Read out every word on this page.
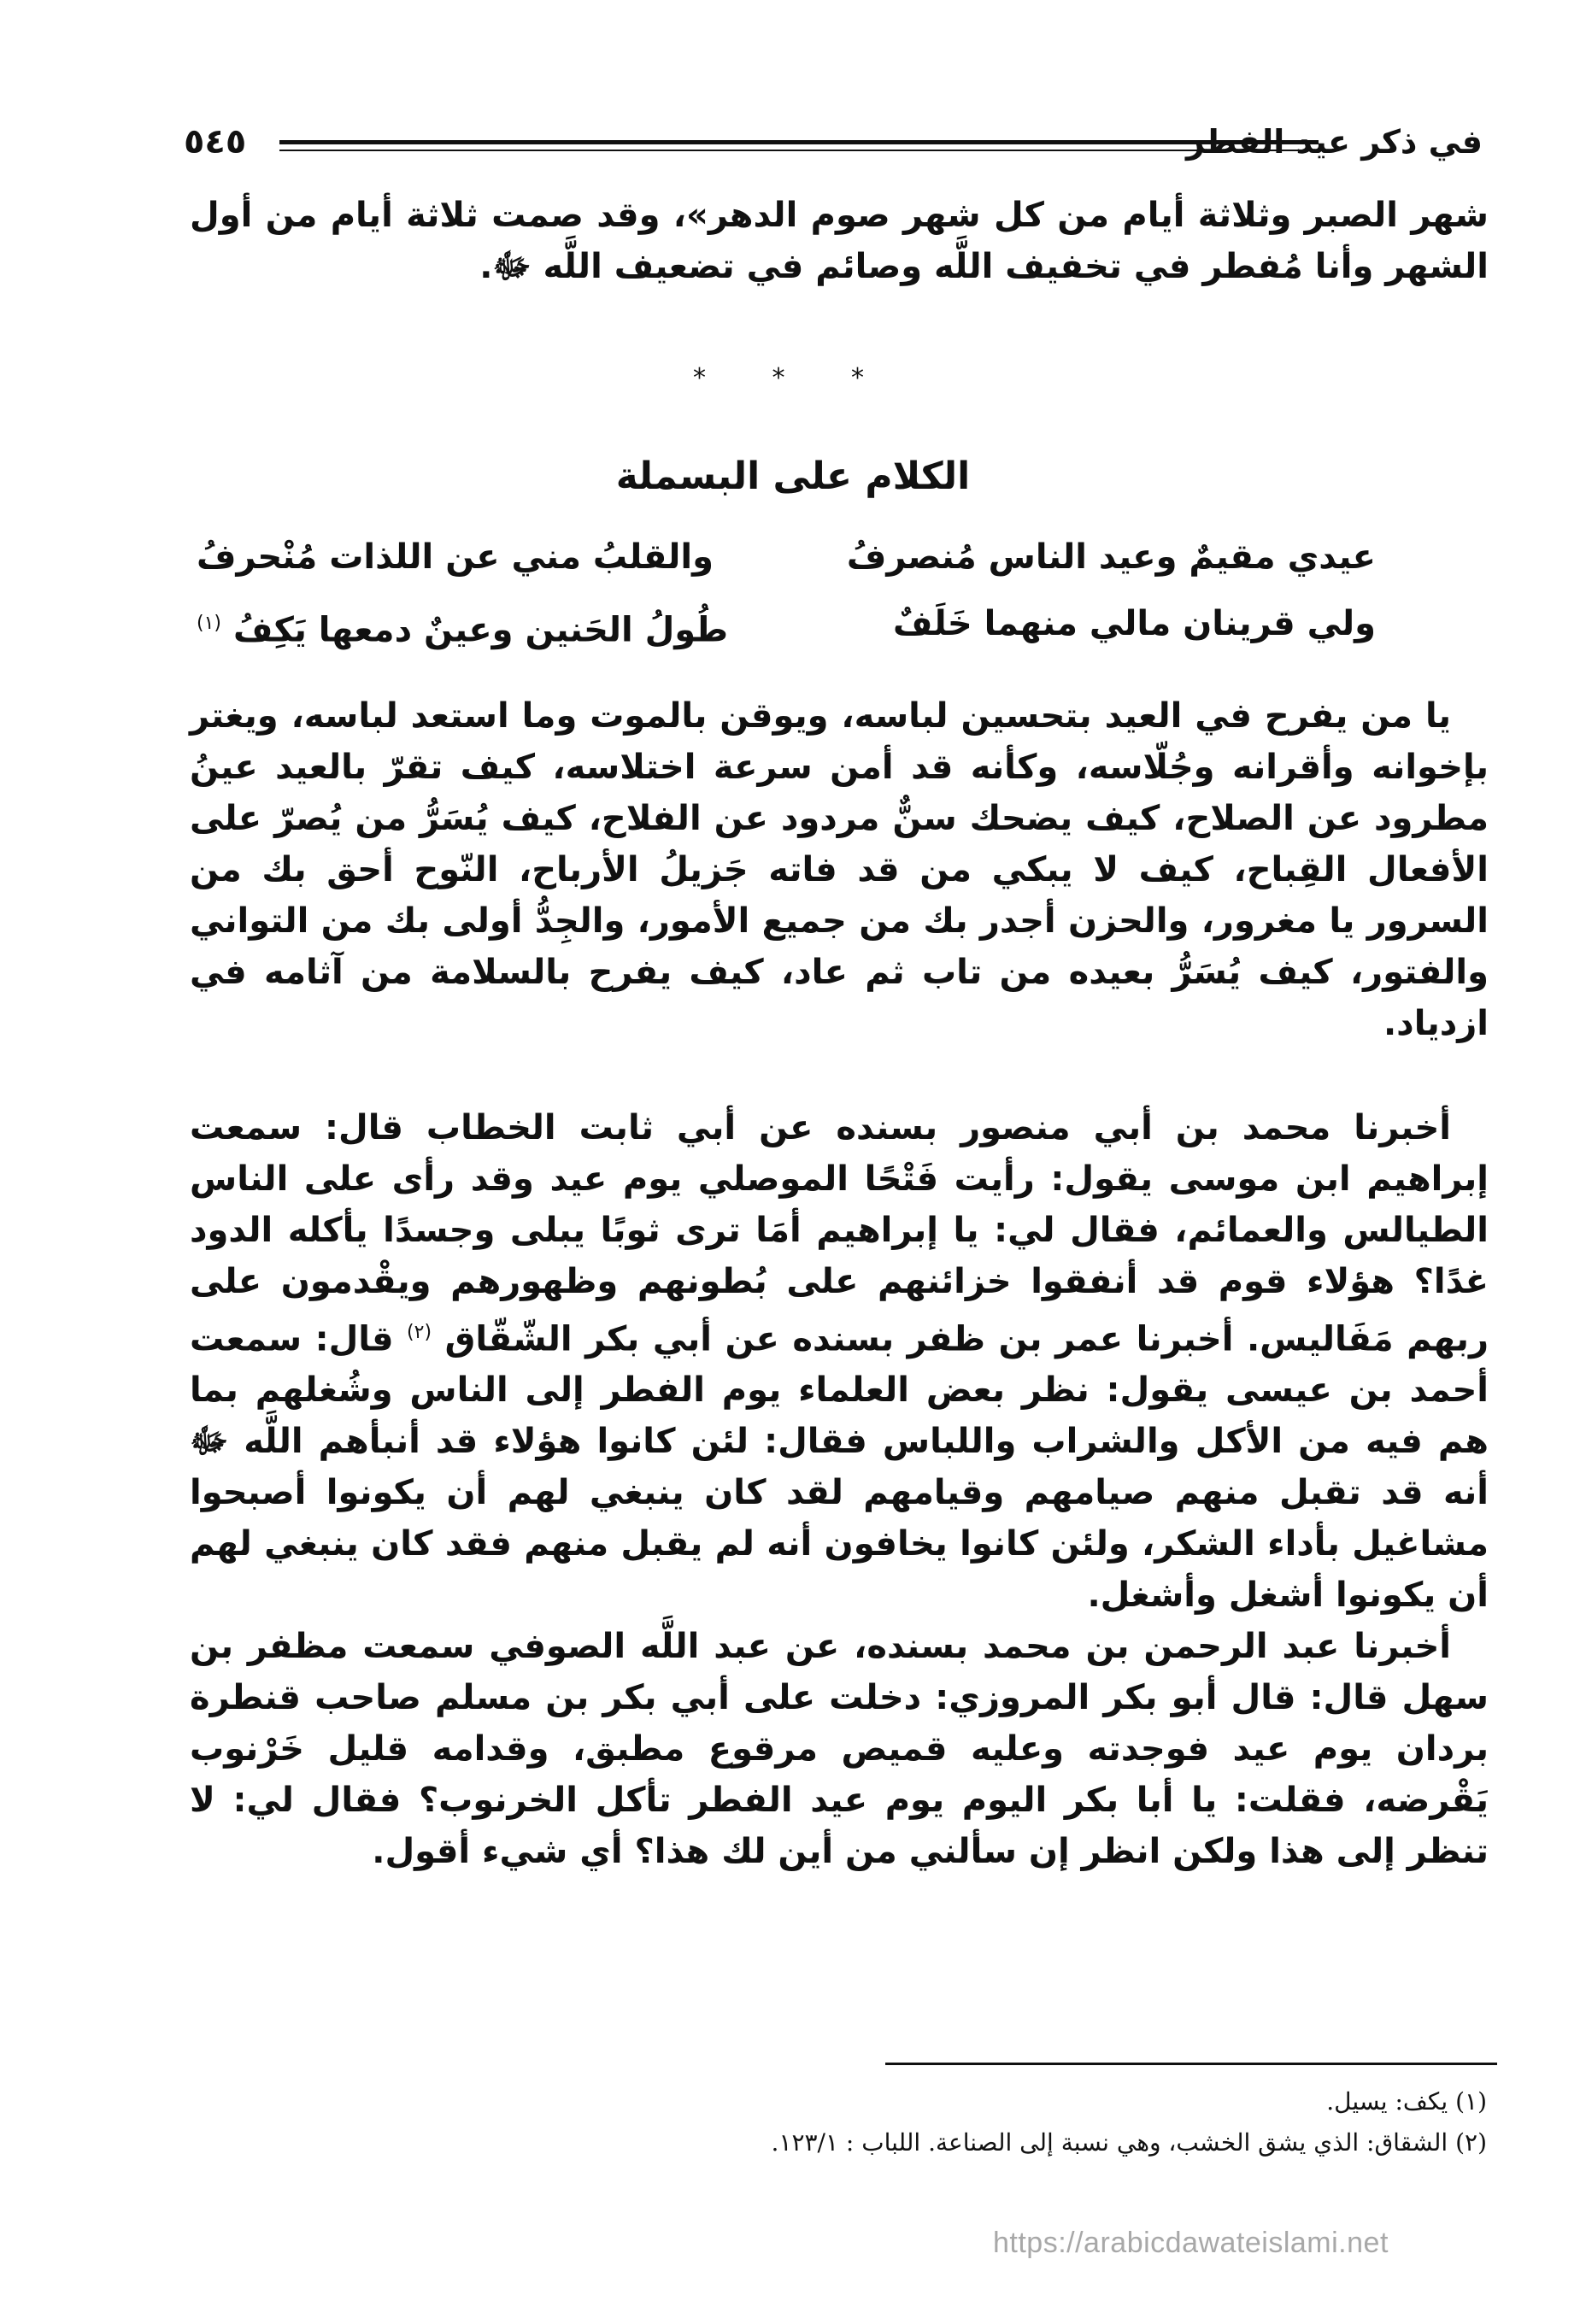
٥٤٥	في ذكر عيد الفطر

شهر الصبر وثلاثة أيام من كل شهر صوم الدهر»، وقد صمت ثلاثة أيام من أول الشهر وأنا مُفطر في تخفيف اللَّه وصائم في تضعيف اللَّه ﷻ.

* * *
الكلام على البسملة
عيدي مقيمٌ وعيد الناس مُنصرفُ
والقلبُ مني عن اللذات مُنْحرفُ
ولي قرينان مالي منهما خَلَفٌ
طُولُ الحَنين وعينٌ دمعها يَكِفُ $^{(١)}$

يا من يفرح في العيد بتحسين لباسه، ويوقن بالموت وما استعد لباسه، ويغتر بإخوانه وأقرانه وجُلّاسه، وكأنه قد أمن سرعة اختلاسه، كيف تقرّ بالعيد عينُ مطرود عن الصلاح، كيف يضحك سنٌّ مردود عن الفلاح، كيف يُسَرُّ من يُصرّ على الأفعال القِباح، كيف لا يبكي من قد فاته جَزيلُ الأرباح، النّوح أحق بك من السرور يا مغرور، والحزن أجدر بك من جميع الأمور، والجِدُّ أولى بك من التواني والفتور، كيف يُسَرُّ بعيده من تاب ثم عاد، كيف يفرح بالسلامة من آثامه في ازدياد.

أخبرنا محمد بن أبي منصور بسنده عن أبي ثابت الخطاب قال: سمعت إبراهيم ابن موسى يقول: رأيت فَتْحًا الموصلي يوم عيد وقد رأى على الناس الطيالس والعمائم، فقال لي: يا إبراهيم أمَا ترى ثوبًا يبلى وجسدًا يأكله الدود غدًا؟ هؤلاء قوم قد أنفقوا خزائنهم على بُطونهم وظهورهم ويقْدمون على ربهم مَفَاليس. أخبرنا عمر بن ظفر بسنده عن أبي بكر الشّقّاق $^{(٢)}$ قال: سمعت أحمد بن عيسى يقول: نظر بعض العلماء يوم الفطر إلى الناس وشُغلهم بما هم فيه من الأكل والشراب واللباس فقال: لئن كانوا هؤلاء قد أنبأهم اللَّه ﷻ أنه قد تقبل منهم صيامهم وقيامهم لقد كان ينبغي لهم أن يكونوا أصبحوا مشاغيل بأداء الشكر، ولئن كانوا يخافون أنه لم يقبل منهم فقد كان ينبغي لهم أن يكونوا أشغل وأشغل.

أخبرنا عبد الرحمن بن محمد بسنده، عن عبد اللَّه الصوفي سمعت مظفر بن سهل قال: قال أبو بكر المروزي: دخلت على أبي بكر بن مسلم صاحب قنطرة بردان يوم عيد فوجدته وعليه قميص مرقوع مطبق، وقدامه قليل خَرْنوب يَقْرضه، فقلت: يا أبا بكر اليوم يوم عيد الفطر تأكل الخرنوب؟ فقال لي: لا تنظر إلى هذا ولكن انظر إن سألني من أين لك هذا؟ أي شيء أقول.

(١) يكف: يسيل.

(٢) الشقاق: الذي يشق الخشب، وهي نسبة إلى الصناعة. اللباب : ١٢٣/١.

https://arabicdawateislami.net
